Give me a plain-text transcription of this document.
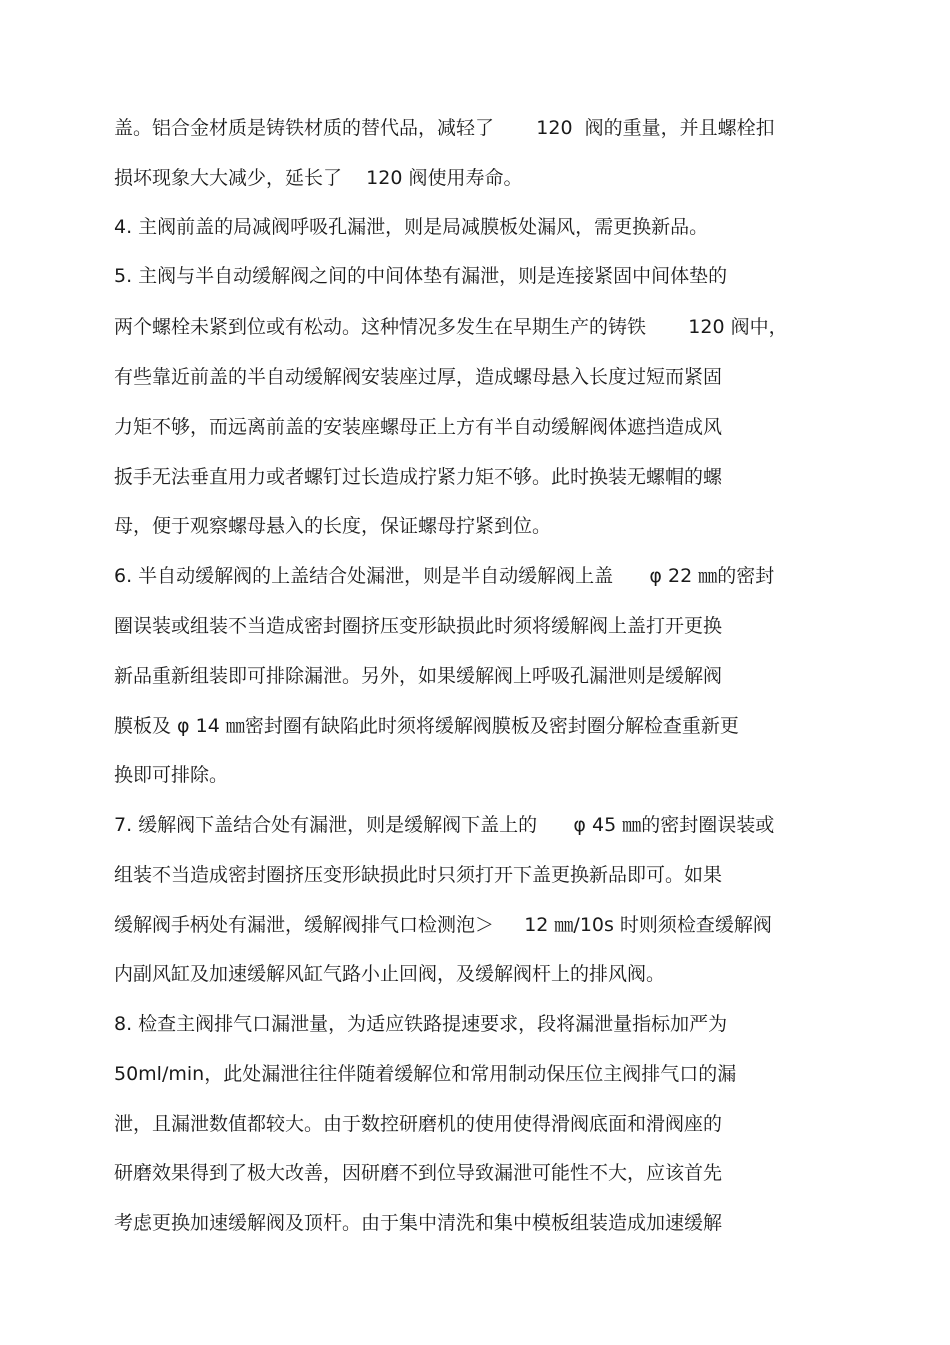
盖。铝合金材质是铸铁材质的替代品，减轻了       120  阀的重量，并且螺栓扣
损坏现象大大减少，延长了    120 阀使用寿命。
4. 主阀前盖的局减阀呼吸孔漏泄，则是局减膜板处漏风，需更换新品。
5. 主阀与半自动缓解阀之间的中间体垫有漏泄，则是连接紧固中间体垫的
两个螺栓未紧到位或有松动。这种情况多发生在早期生产的铸铁       120 阀中，
有些靠近前盖的半自动缓解阀安装座过厚，造成螺母悬入长度过短而紧固
力矩不够，而远离前盖的安装座螺母正上方有半自动缓解阀体遮挡造成风
扳手无法垂直用力或者螺钉过长造成拧紧力矩不够。此时换装无螺帽的螺
母，便于观察螺母悬入的长度，保证螺母拧紧到位。
6. 半自动缓解阀的上盖结合处漏泄，则是半自动缓解阀上盖      φ 22 ㎜的密封
圈误装或组装不当造成密封圈挤压变形缺损此时须将缓解阀上盖打开更换
新品重新组装即可排除漏泄。另外，如果缓解阀上呼吸孔漏泄则是缓解阀
膜板及 φ 14 ㎜密封圈有缺陷此时须将缓解阀膜板及密封圈分解检查重新更
换即可排除。
7. 缓解阀下盖结合处有漏泄，则是缓解阀下盖上的      φ 45 ㎜的密封圈误装或
组装不当造成密封圈挤压变形缺损此时只须打开下盖更换新品即可。如果
缓解阀手柄处有漏泄，缓解阀排气口检测泡＞     12 ㎜/10s 时则须检查缓解阀
内副风缸及加速缓解风缸气路小止回阀，及缓解阀杆上的排风阀。
8. 检查主阀排气口漏泄量，为适应铁路提速要求，段将漏泄量指标加严为
50ml/min，此处漏泄往往伴随着缓解位和常用制动保压位主阀排气口的漏
泄，且漏泄数值都较大。由于数控研磨机的使用使得滑阀底面和滑阀座的
研磨效果得到了极大改善，因研磨不到位导致漏泄可能性不大，应该首先
考虑更换加速缓解阀及顶杆。由于集中清洗和集中模板组装造成加速缓解
